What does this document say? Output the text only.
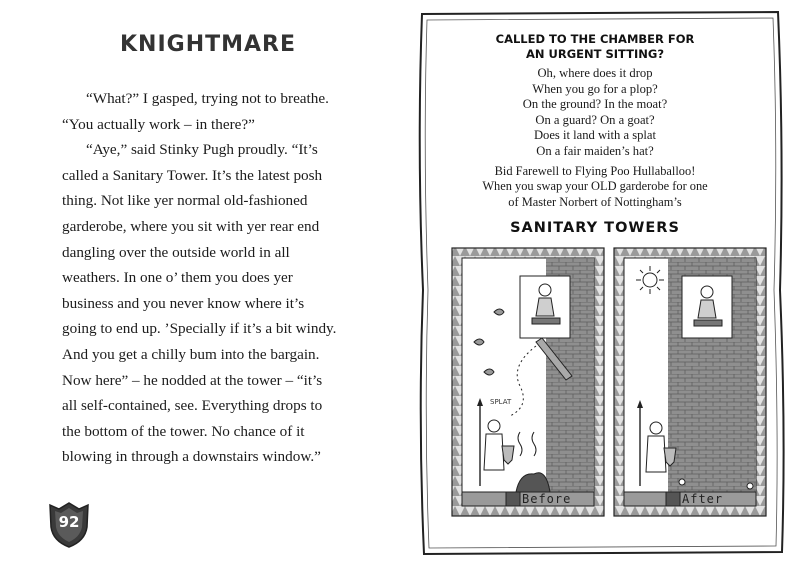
KNIGHTMARE

“What?” I gasped, trying not to breathe. “You actually work – in there?”

“Aye,” said Stinky Pugh proudly. “It’s called a Sanitary Tower. It’s the latest posh thing. Not like yer normal old-fashioned garderobe, where you sit with yer rear end dangling over the outside world in all weathers. In one o’ them you does yer business and you never know where it’s going to end up. ’Specially if it’s a bit windy. And you get a chilly bum into the bargain. Now here” – he nodded at the tower – “it’s all self-contained, see. Everything drops to the bottom of the tower. No chance of it blowing in through a downstairs window.”

92
CALLED TO THE CHAMBER FOR
AN URGENT SITTING?
Oh, where does it drop
When you go for a plop?
On the ground? In the moat?
On a guard? On a goat?
Does it land with a splat
On a fair maiden’s hat?
Bid Farewell to Flying Poo Hullaballoo!
When you swap your OLD garderobe for one
of Master Norbert of Nottingham’s
SANITARY TOWERS
SPLAT
Before	After
